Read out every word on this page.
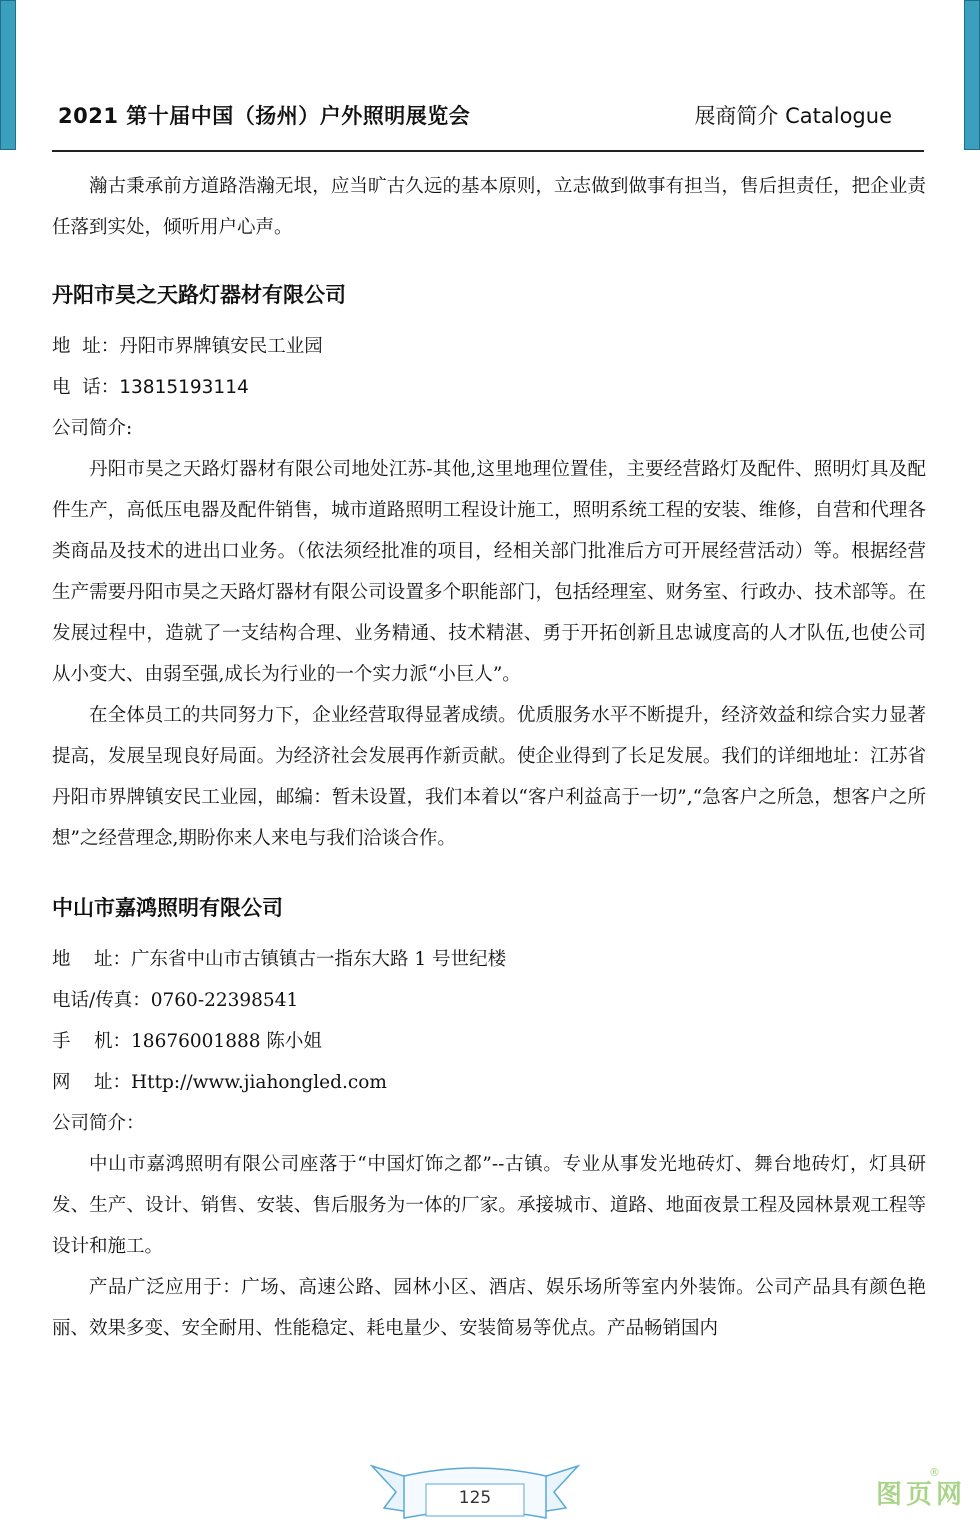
2021 第十届中国（扬州）户外照明展览会	展商简介 Catalogue

瀚古秉承前方道路浩瀚无垠，应当旷古久远的基本原则，立志做到做事有担当，售后担责任，把企业责任落到实处，倾听用户心声。

丹阳市昊之天路灯器材有限公司

地  址：丹阳市界牌镇安民工业园

电  话：13815193114

公司简介:

丹阳市昊之天路灯器材有限公司地处江苏-其他,这里地理位置佳，主要经营路灯及配件、照明灯具及配件生产，高低压电器及配件销售，城市道路照明工程设计施工，照明系统工程的安装、维修，自营和代理各类商品及技术的进出口业务。（依法须经批准的项目，经相关部门批准后方可开展经营活动）等。根据经营生产需要丹阳市昊之天路灯器材有限公司设置多个职能部门，包括经理室、财务室、行政办、技术部等。在发展过程中，造就了一支结构合理、业务精通、技术精湛、勇于开拓创新且忠诚度高的人才队伍,也使公司从小变大、由弱至强,成长为行业的一个实力派“小巨人”。

在全体员工的共同努力下，企业经营取得显著成绩。优质服务水平不断提升，经济效益和综合实力显著提高，发展呈现良好局面。为经济社会发展再作新贡献。使企业得到了长足发展。我们的详细地址：江苏省丹阳市界牌镇安民工业园，邮编：暂未设置，我们本着以“客户利益高于一切”,“急客户之所急，想客户之所想”之经营理念,期盼你来人来电与我们洽谈合作。

中山市嘉鸿照明有限公司

地    址：广东省中山市古镇镇古一指东大路 1 号世纪楼

电话/传真：0760-22398541

手    机：18676001888 陈小姐

网    址：Http://www.jiahongled.com

公司简介：

中山市嘉鸿照明有限公司座落于“中国灯饰之都”--古镇。专业从事发光地砖灯、舞台地砖灯，灯具研发、生产、设计、销售、安装、售后服务为一体的厂家。承接城市、道路、地面夜景工程及园林景观工程等设计和施工。

产品广泛应用于：广场、高速公路、园林小区、酒店、娱乐场所等室内外装饰。公司产品具有颜色艳丽、效果多变、安全耐用、性能稳定、耗电量少、安装简易等优点。产品畅销国内

125	图页网
®
